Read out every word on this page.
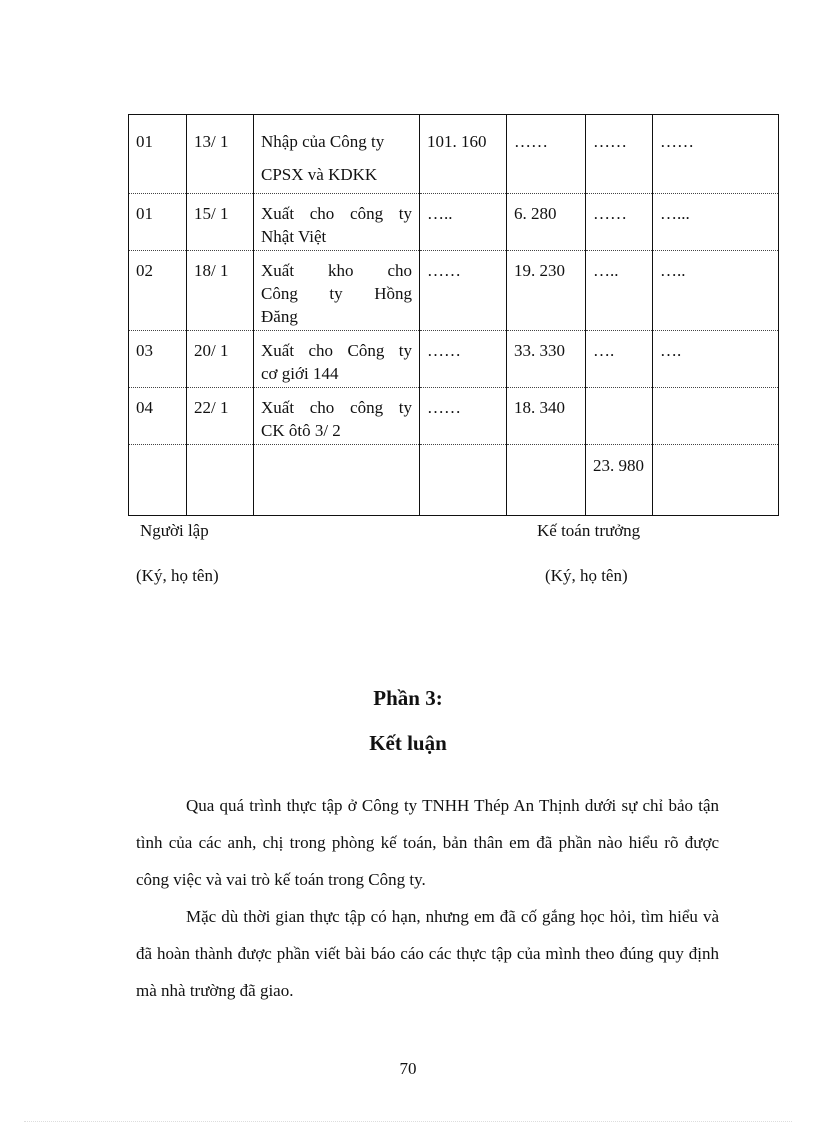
01	13/ 1	Nhập của Công ty
CPSX và KDKK	101. 160	……	……	……
01	15/ 1	Xuất cho công ty
Nhật Việt	…..	6. 280	……	…...
02	18/ 1	Xuất kho cho
Công ty Hồng
Đăng	……	19. 230	…..	…..
03	20/ 1	Xuất cho Công ty
cơ giới 144	……	33. 330	….	….
04	22/ 1	Xuất cho công ty
CK ôtô 3/ 2	……	18. 340		
					23. 980	
Người lập
(Ký, họ tên)
Kế toán trưởng
(Ký, họ tên)
Phần 3:
Kết luận
Qua quá trình thực tập ở Công ty TNHH Thép An Thịnh dưới sự chỉ bảo tận tình của các anh, chị trong phòng kế toán, bản thân em đã phần nào hiểu rõ được công việc và vai trò kế toán trong Công ty.
Mặc dù thời gian thực tập có hạn, nhưng em đã cố gắng học hỏi, tìm hiểu và đã hoàn thành được phần viết bài báo cáo các thực tập của mình theo đúng quy định mà nhà trường đã giao.
70
